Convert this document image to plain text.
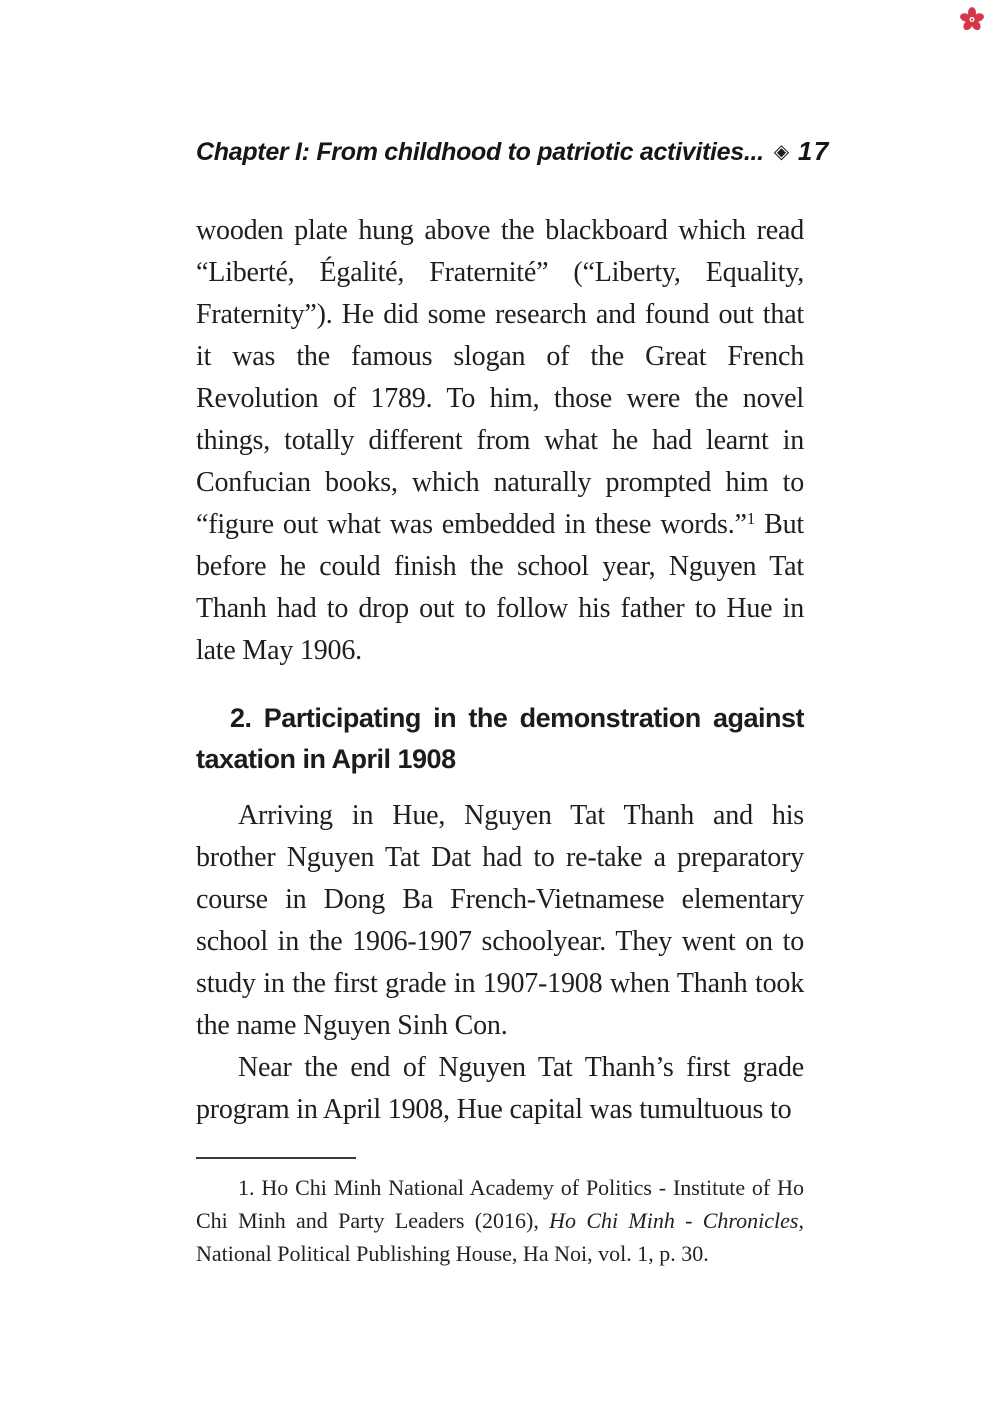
Chapter I: From childhood to patriotic activities... ◈ 17

wooden plate hung above the blackboard which read “Liberté, Égalité, Fraternité” (“Liberty, Equality, Fraternity”). He did some research and found out that it was the famous slogan of the Great French Revolution of 1789. To him, those were the novel things, totally different from what he had learnt in Confucian books, which naturally prompted him to “figure out what was embedded in these words.”$^1$ But before he could finish the school year, Nguyen Tat Thanh had to drop out to follow his father to Hue in late May 1906.

2. Participating in the demonstration against
taxation in April 1908

Arriving in Hue, Nguyen Tat Thanh and his brother Nguyen Tat Dat had to re-take a preparatory course in Dong Ba French-Vietnamese elementary school in the 1906-1907 schoolyear. They went on to study in the first grade in 1907-1908 when Thanh took the name Nguyen Sinh Con.

Near the end of Nguyen Tat Thanh’s first grade program in April 1908, Hue capital was tumultuous to

1. Ho Chi Minh National Academy of Politics - Institute of Ho Chi Minh and Party Leaders (2016), Ho Chi Minh - Chronicles, National Political Publishing House, Ha Noi, vol. 1, p. 30.
